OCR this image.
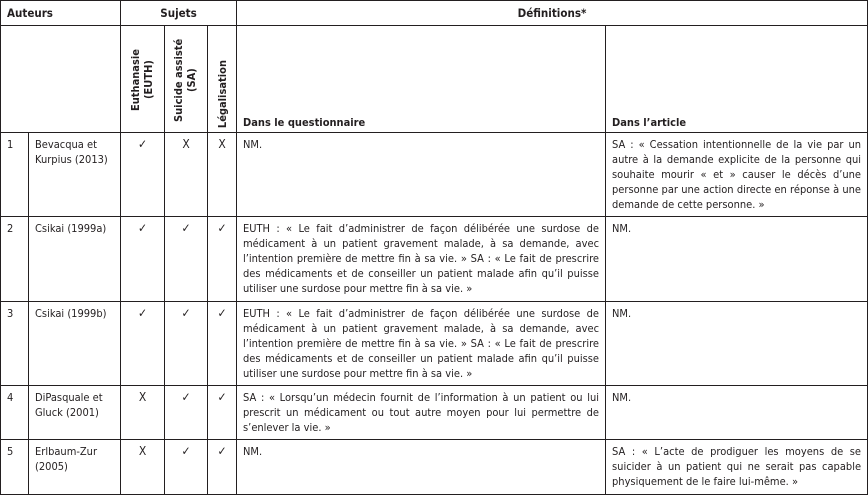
Auteurs		Sujets			Définitions*	
		Euthanasie (EUTH)	Suicide assisté (SA)	Légalisation	Dans le questionnaire	Dans l’article
1	Bevacqua et Kurpius (2013)	✓	X	X	NM.	SA : « Cessation intentionnelle de la vie par un autre à la demande explicite de la personne qui souhaite mourir « et » causer le décès d’une personne par une action directe en réponse à une demande de cette personne. »
2	Csikai (1999a)	✓	✓	✓	EUTH : « Le fait d’administrer de façon délibérée une surdose de médicament à un patient gravement malade, à sa demande, avec l’intention première de mettre fin à sa vie. » SA : « Le fait de prescrire des médicaments et de conseiller un patient malade afin qu’il puisse utiliser une surdose pour mettre fin à sa vie. »	NM.
3	Csikai (1999b)	✓	✓	✓	EUTH : « Le fait d’administrer de façon délibérée une surdose de médicament à un patient gravement malade, à sa demande, avec l’intention première de mettre fin à sa vie. » SA : « Le fait de prescrire des médicaments et de conseiller un patient malade afin qu’il puisse utiliser une surdose pour mettre fin à sa vie. »	NM.
4	DiPasquale et Gluck (2001)	X	✓	✓	SA : « Lorsqu’un médecin fournit de l’information à un patient ou lui prescrit un médicament ou tout autre moyen pour lui permettre de s’enlever la vie. »	NM.
5	Erlbaum-Zur (2005)	X	✓	✓	NM.	SA : « L’acte de prodiguer les moyens de se suicider à un patient qui ne serait pas capable physiquement de le faire lui-même. »
